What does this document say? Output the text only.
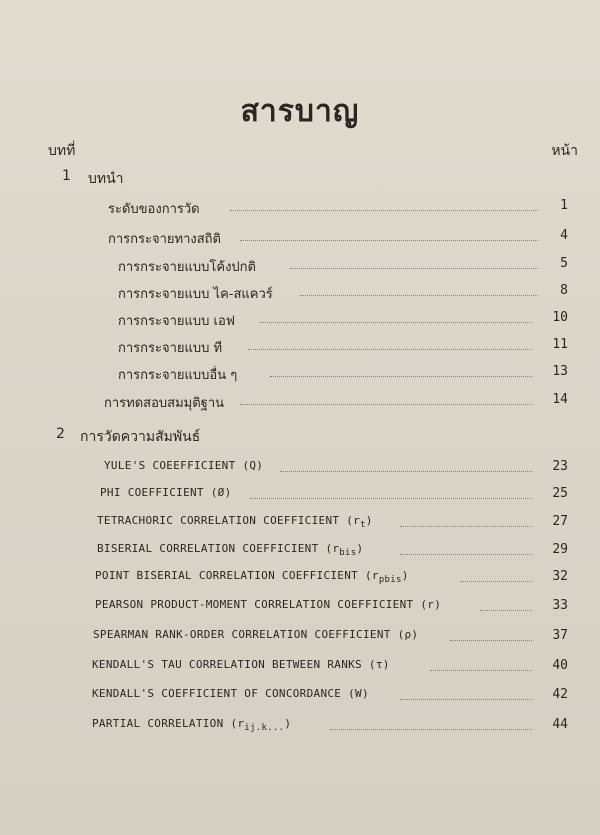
สารบาญ
บทที่	หน้า
1 บทนำ
ระดับของการวัด	1
การกระจายทางสถิติ	4
การกระจายแบบโค้งปกติ	5
การกระจายแบบ ไค-สแควร์	8
การกระจายแบบ เอฟ	10
การกระจายแบบ ที	11
การกระจายแบบอื่น ๆ	13
การทดสอบสมมุติฐาน	14
2 การวัดความสัมพันธ์
YULE'S COEEFFICIENT (Q)	23
PHI COEFFICIENT (Ø)	25
TETRACHORIC CORRELATION COEFFICIENT $(r_t)$	27
BISERIAL CORRELATION COEFFICIENT $(r_{bis})$	29
POINT BISERIAL CORRELATION COEFFICIENT $(r_{pbis})$	32
PEARSON PRODUCT-MOMENT CORRELATION COEFFICIENT (r)	33
SPEARMAN RANK-ORDER CORRELATION COEFFICIENT (ρ)	37
KENDALL'S TAU CORRELATION BETWEEN RANKS (τ)	40
KENDALL'S COEFFICIENT OF CONCORDANCE (W)	42
PARTIAL CORRELATION $(r_{ij.k...})$	44
